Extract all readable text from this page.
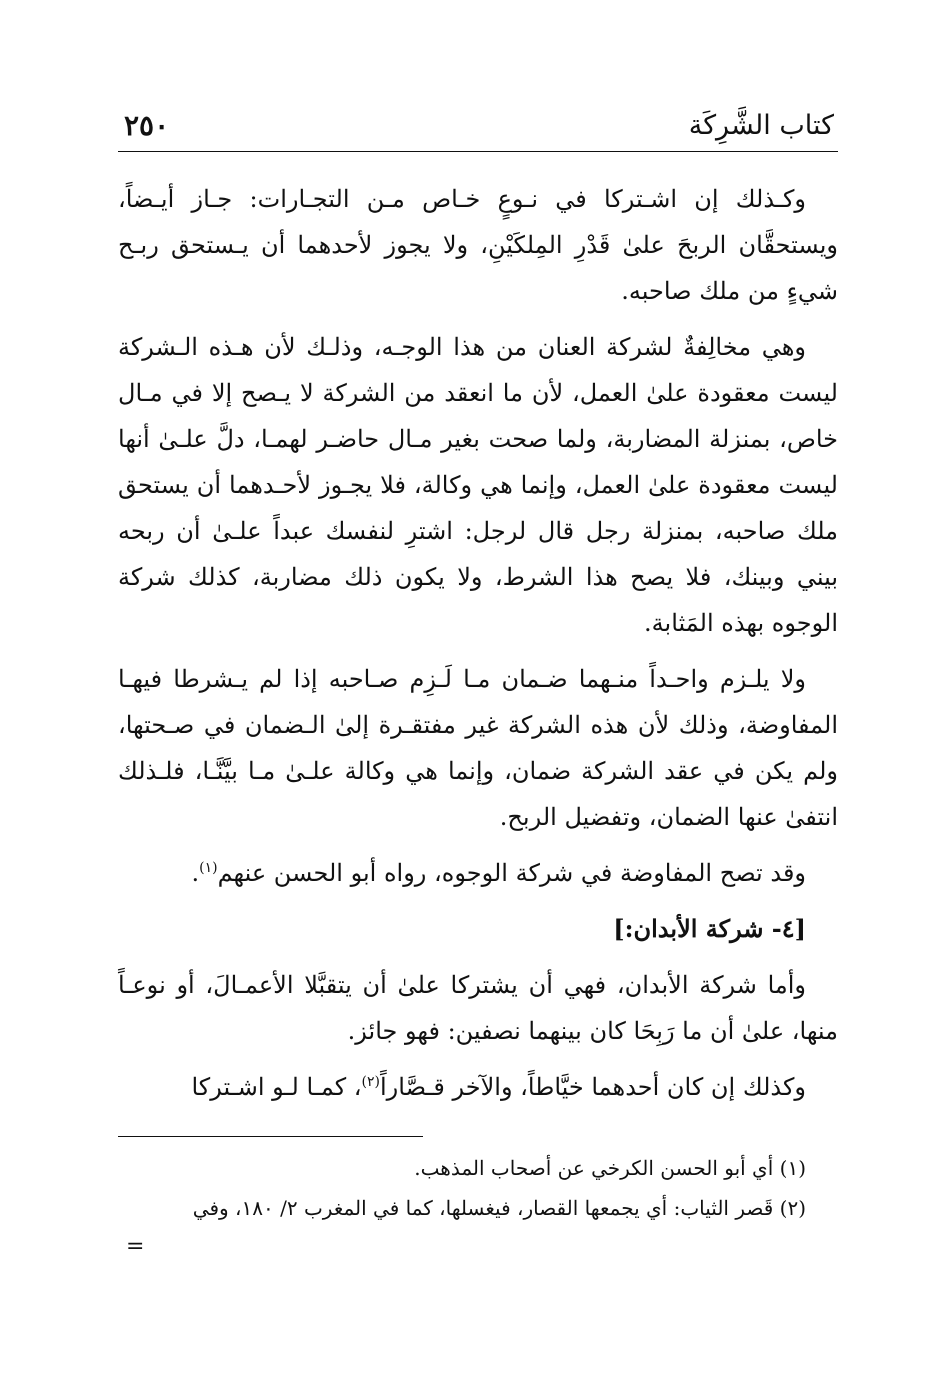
كتاب الشَّرِكَة
٢٥٠

وكـذلك إن اشـتركا في نـوعٍ خـاص مـن التجـارات: جـاز أيـضاً، ويستحقَّان الربحَ علىٰ قَدْرِ المِلكَيْنِ، ولا يجوز لأحدهما أن يـستحق ربـح شيءٍ من ملك صاحبه.

وهي مخالِفةٌ لشركة العنان من هذا الوجـه، وذلـك لأن هـذه الـشركة ليست معقودة علىٰ العمل، لأن ما انعقد من الشركة لا يـصح إلا في مـال خاص، بمنزلة المضاربة، ولما صحت بغير مـال حاضـر لهمـا، دلَّ علـىٰ أنها ليست معقودة علىٰ العمل، وإنما هي وكالة، فلا يجـوز لأحـدهما أن يستحق ملك صاحبه، بمنزلة رجل قال لرجل: اشترِ لنفسك عبداً علـىٰ أن ربحه بيني وبينك، فلا يصح هذا الشرط، ولا يكون ذلك مضاربة، كذلك شركة الوجوه بهذه المَثابة.

ولا يلـزم واحـداً منـهما ضـمان مـا لَـزِم صـاحبه إذا لم يـشرطا فيهـا المفاوضة، وذلك لأن هذه الشركة غير مفتقـرة إلىٰ الـضمان في صـحتها، ولم يكن في عقد الشركة ضمان، وإنما هي وكالة علـىٰ مـا بيَّنَّـا، فلـذلك انتفىٰ عنها الضمان، وتفضيل الربح.

وقد تصح المفاوضة في شركة الوجوه، رواه أبو الحسن عنهم$^{(١)}$.

[٤- شركة الأبدان:]

وأما شركة الأبدان، فهي أن يشتركا علىٰ أن يتقبَّلا الأعمـالَ، أو نوعـاً منها، علىٰ أن ما رَبِحَا كان بينهما نصفين: فهو جائز.

وكذلك إن كان أحدهما خيَّاطاً، والآخر قـصَّاراً$^{(٢)}$، كمـا لـو اشـتركا

(١) أي أبو الحسن الكرخي عن أصحاب المذهب.

(٢) قَصر الثياب: أي يجمعها القصار، فيغسلها، كما في المغرب ٢/ ١٨٠، وفي

=
